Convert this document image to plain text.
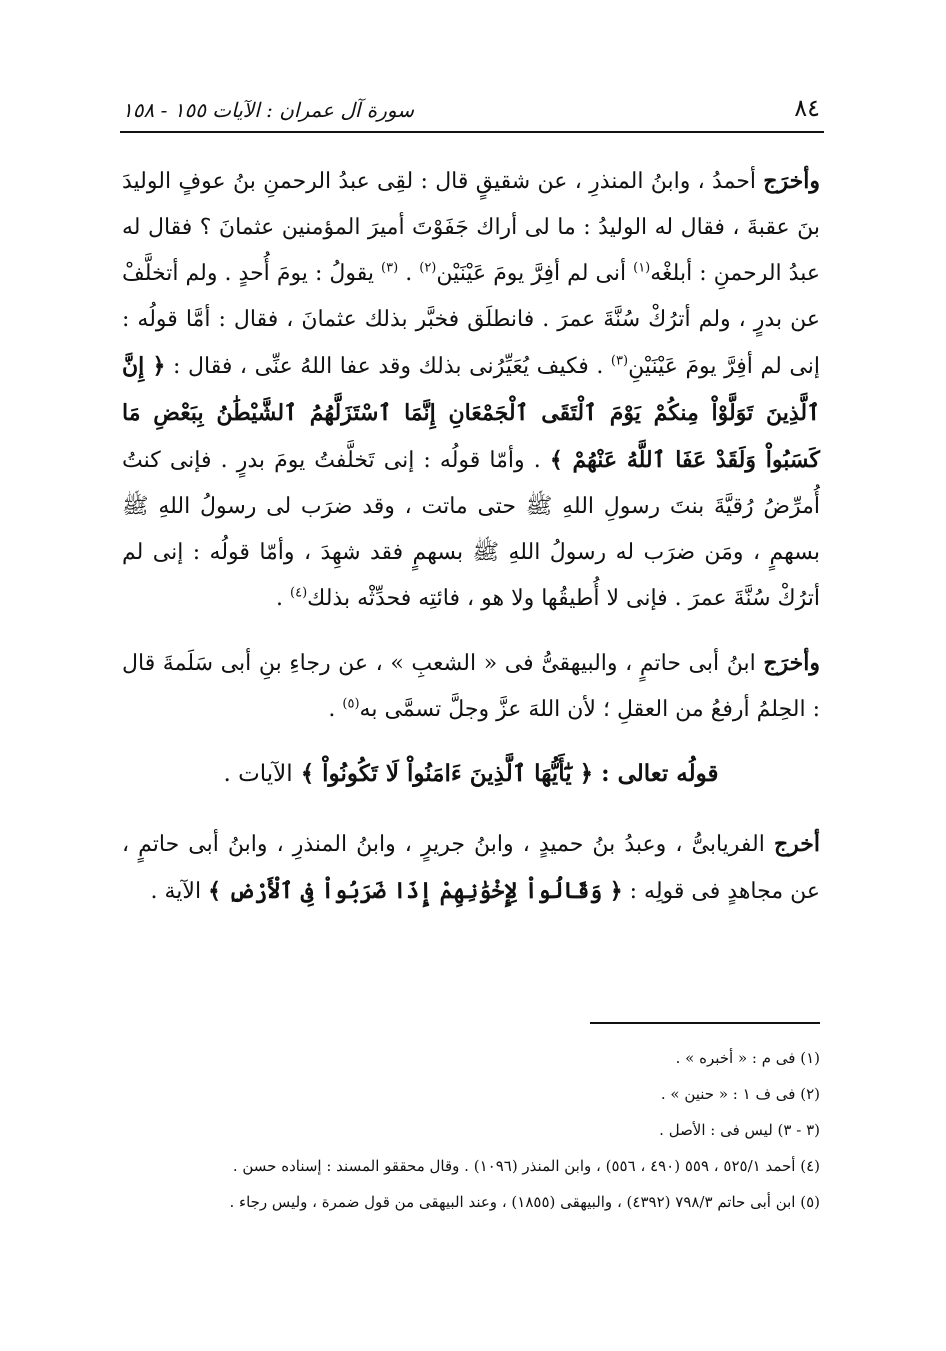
٨٤
سورة آل عمران : الآيات ١٥٥ - ١٥٨

وأخرَج أحمدُ ، وابنُ المنذرِ ، عن شقيقٍ قال : لقِى عبدُ الرحمنِ بنُ عوفٍ الوليدَ بنَ عقبةَ ، فقال له الوليدُ : ما لى أراك جَفَوْتَ أميرَ المؤمنين عثمانَ ؟ فقال له عبدُ الرحمنِ : أبلغْه$^{(١)}$ أنى لم أفِرَّ يومَ عَيْنَيْن$^{(٢)}$ . $^{(٣)}$ يقولُ : يومَ أُحدٍ . ولم أتخلَّفْ عن بدرٍ ، ولم أترُكْ سُنَّةَ عمرَ . فانطلَق فخبَّر بذلك عثمانَ ، فقال : أمَّا قولُه : إنى لم أفِرَّ يومَ عَيْنَيْنِ$^{(٣)}$ . فكيف يُعَيِّرُنى بذلك وقد عفا اللهُ عنِّى ، فقال : ﴿ إِنَّ ٱلَّذِينَ تَوَلَّوْاْ مِنكُمْ يَوْمَ ٱلْتَقَى ٱلْجَمْعَانِ إِنَّمَا ٱسْتَزَلَّهُمُ ٱلشَّيْطَٰنُ بِبَعْضِ مَا كَسَبُواْ وَلَقَدْ عَفَا ٱللَّهُ عَنْهُمْ ﴾ . وأمّا قولُه : إنى تَخلَّفتُ يومَ بدرٍ . فإنى كنتُ أُمرِّضُ رُقيَّةَ بنتَ رسولِ اللهِ ﷺ حتى ماتت ، وقد ضرَب لى رسولُ اللهِ ﷺ بسهمٍ ، ومَن ضرَب له رسولُ اللهِ ﷺ بسهمٍ فقد شهِدَ ، وأمّا قولُه : إنى لم أترُكْ سُنَّةَ عمرَ . فإنى لا أُطيقُها ولا هو ، فائتِه فحدِّثْه بذلك$^{(٤)}$ .

وأخرَج ابنُ أبى حاتمٍ ، والبيهقىُّ فى « الشعبِ » ، عن رجاءِ بنِ أبى سَلَمةَ قال : الحِلمُ أرفعُ من العقلِ ؛ لأن اللهَ عزَّ وجلَّ تسمَّى به$^{(٥)}$ .

قولُه تعالى : ﴿ يَٰٓأَيُّهَا ٱلَّذِينَ ءَامَنُواْ لَا تَكُونُواْ ﴾ الآيات .

أخرج الفريابىُّ ، وعبدُ بنُ حميدٍ ، وابنُ جريرٍ ، وابنُ المنذرِ ، وابنُ أبى حاتمٍ ، عن مجاهدٍ فى قولِه : ﴿ وَقَالُواْ لِإِخْوَٰنِهِمْ إِذَا ضَرَبُواْ فِى ٱلْأَرْضِ ﴾ الآية .

(١) فى م : « أخبره » .

(٢) فى ف ١ : « حنين » .

(٣ - ٣) ليس فى : الأصل .

(٤) أحمد ٥٢٥/١ ، ٥٥٩ (٤٩٠ ، ٥٥٦) ، وابن المنذر (١٠٩٦) . وقال محققو المسند : إسناده حسن .

(٥) ابن أبى حاتم ٧٩٨/٣ (٤٣٩٢) ، والبيهقى (١٨٥٥) ، وعند البيهقى من قول ضمرة ، وليس رجاء .
